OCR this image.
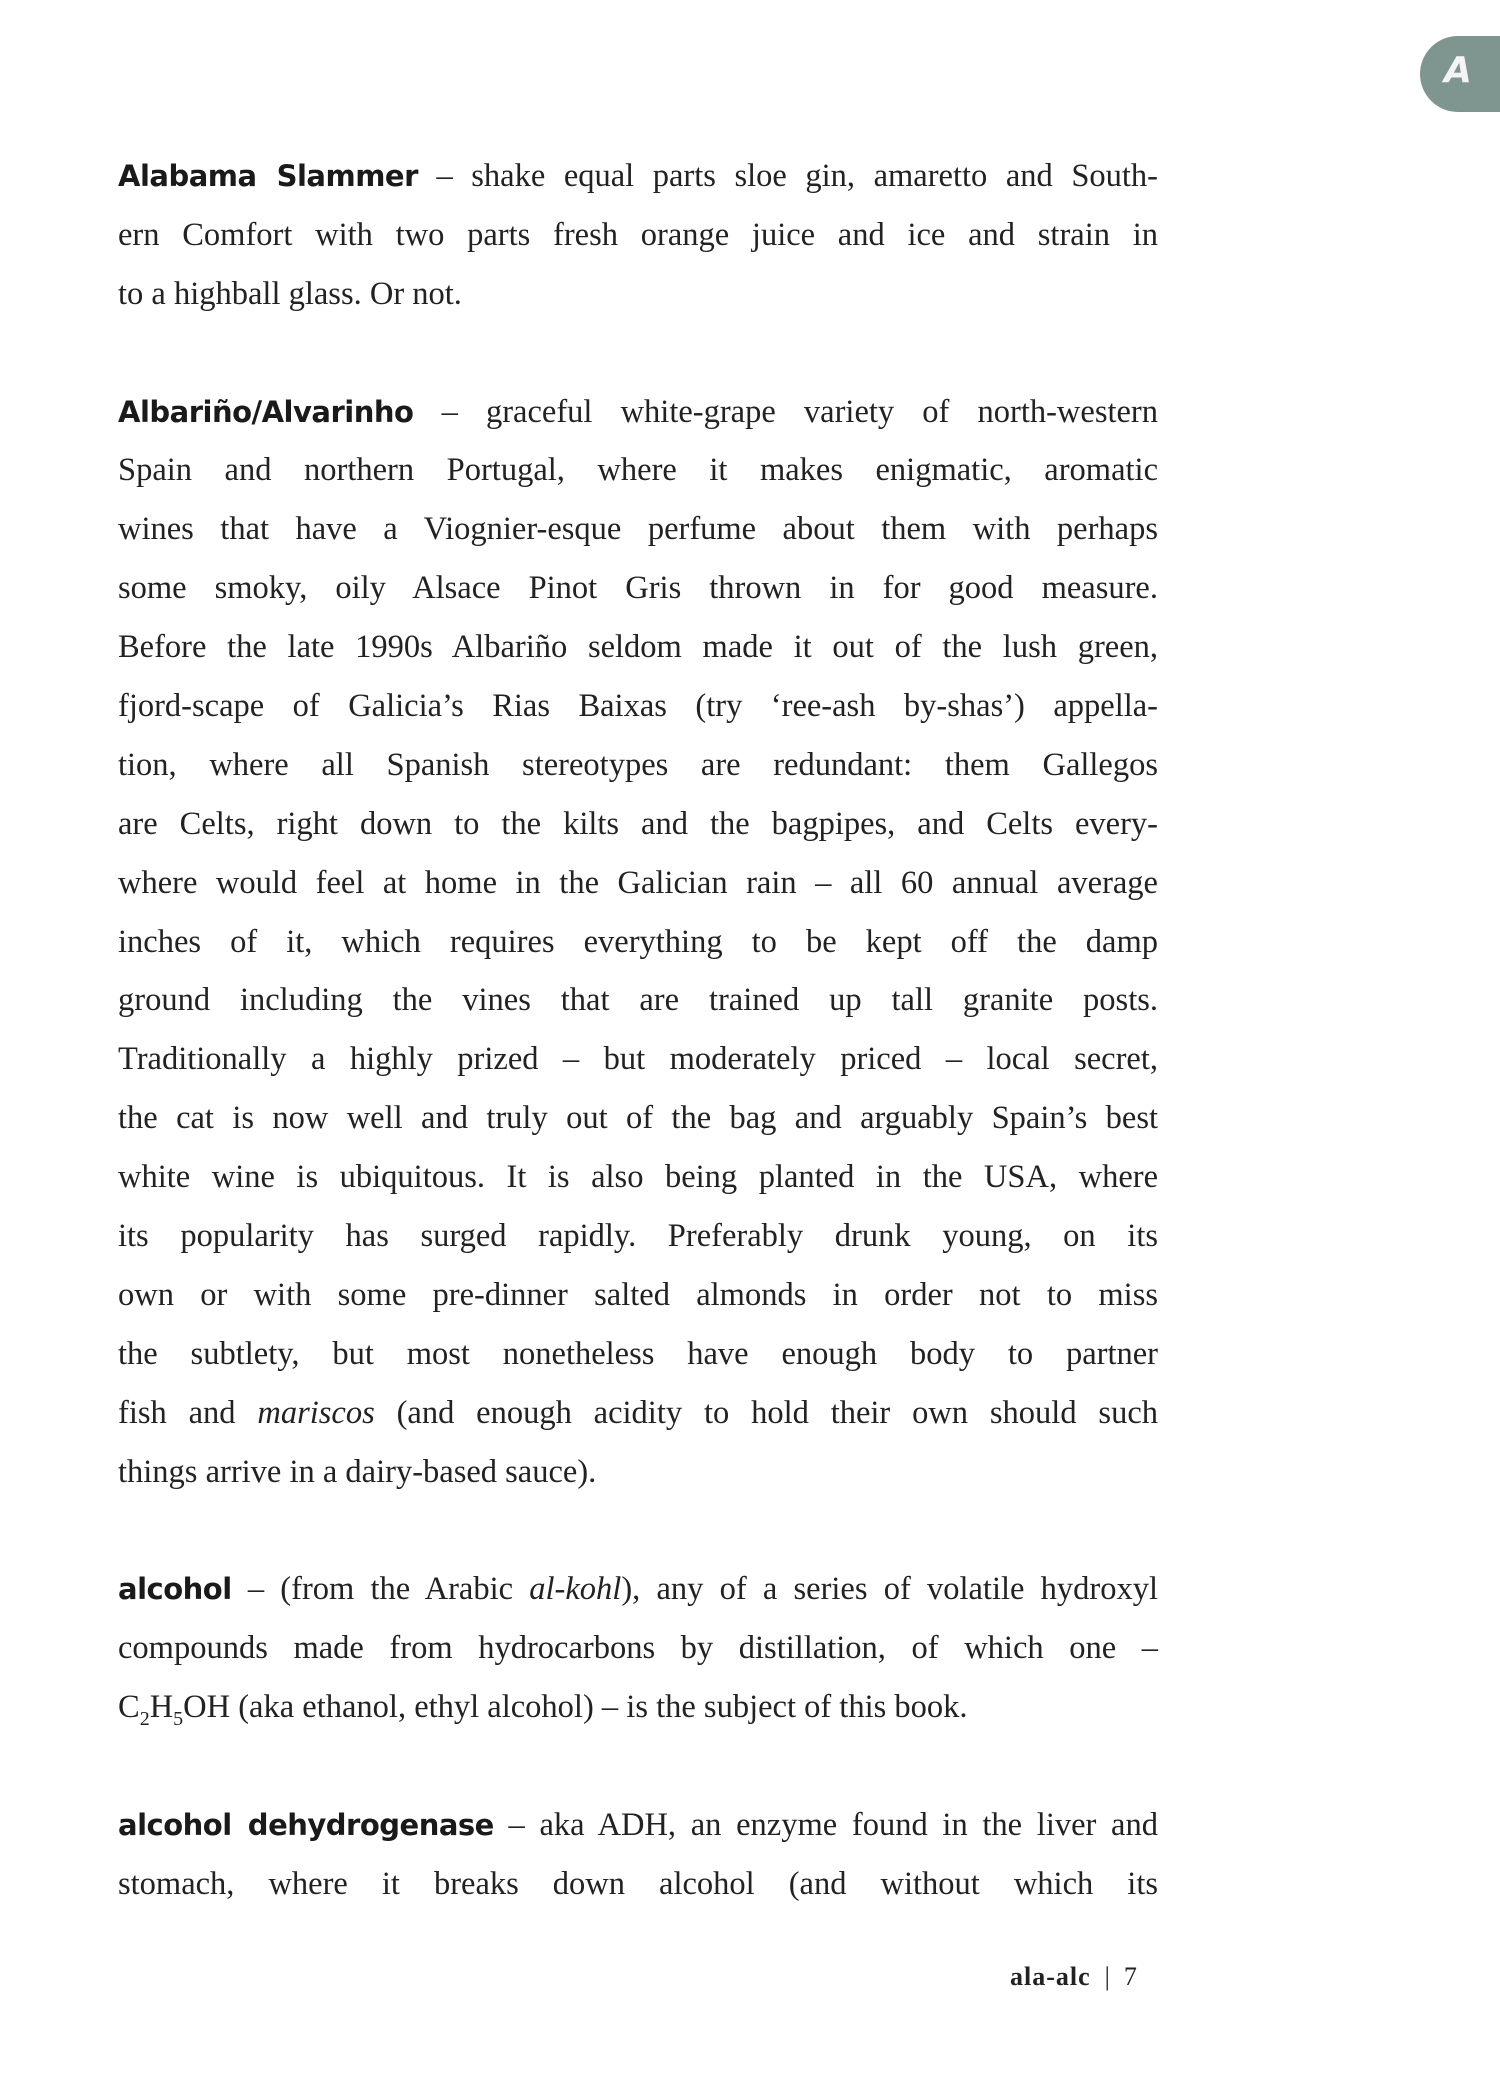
A
Alabama Slammer – shake equal parts sloe gin, amaretto and South-
ern Comfort with two parts fresh orange juice and ice and strain in
to a highball glass. Or not.
Albariño/Alvarinho – graceful white-grape variety of north-western
Spain and northern Portugal, where it makes enigmatic, aromatic
wines that have a Viognier-esque perfume about them with perhaps
some smoky, oily Alsace Pinot Gris thrown in for good measure.
Before the late 1990s Albariño seldom made it out of the lush green,
fjord-scape of Galicia’s Rias Baixas (try ‘ree-ash by-shas’) appella-
tion, where all Spanish stereotypes are redundant: them Gallegos
are Celts, right down to the kilts and the bagpipes, and Celts every-
where would feel at home in the Galician rain – all 60 annual average
inches of it, which requires everything to be kept off the damp
ground including the vines that are trained up tall granite posts.
Traditionally a highly prized – but moderately priced – local secret,
the cat is now well and truly out of the bag and arguably Spain’s best
white wine is ubiquitous. It is also being planted in the USA, where
its popularity has surged rapidly. Preferably drunk young, on its
own or with some pre-dinner salted almonds in order not to miss
the subtlety, but most nonetheless have enough body to partner
fish and mariscos (and enough acidity to hold their own should such
things arrive in a dairy-based sauce).
alcohol – (from the Arabic al-kohl), any of a series of volatile hydroxyl
compounds made from hydrocarbons by distillation, of which one –
$C_2H_5OH$ (aka ethanol, ethyl alcohol) – is the subject of this book.
alcohol dehydrogenase – aka ADH, an enzyme found in the liver and
stomach, where it breaks down alcohol (and without which its
ala-alc | 7
